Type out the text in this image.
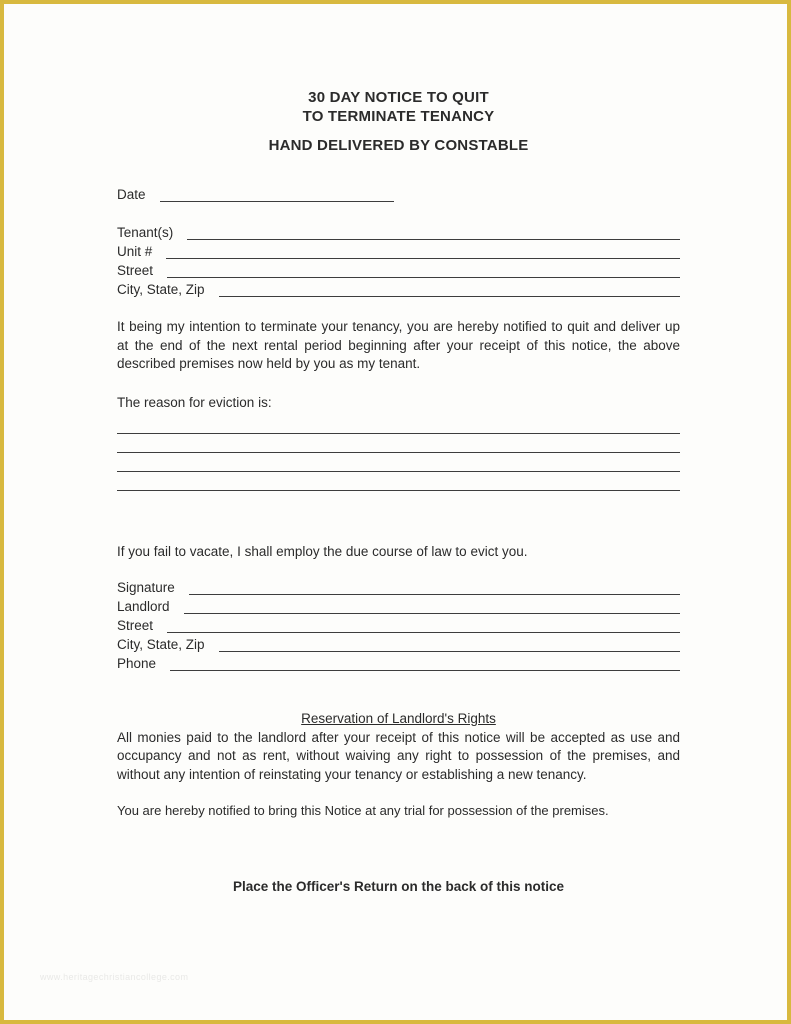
30 DAY NOTICE TO QUIT
TO TERMINATE TENANCY
HAND DELIVERED BY CONSTABLE
Date
Tenant(s)
Unit #
Street
City, State, Zip
It being my intention to terminate your tenancy, you are hereby notified to quit and deliver up at the end of the next rental period beginning after your receipt of this notice, the above described premises now held by you as my tenant.
The reason for eviction is:
If you fail to vacate, I shall employ the due course of law to evict you.
Signature
Landlord
Street
City, State, Zip
Phone
Reservation of Landlord's Rights
All monies paid to the landlord after your receipt of this notice will be accepted as use and occupancy and not as rent, without waiving any right to possession of the premises, and without any intention of reinstating your tenancy or establishing a new tenancy.
You are hereby notified to bring this Notice at any trial for possession of the premises.
Place the Officer's Return on the back of this notice
www.heritagechristiancollege.com
